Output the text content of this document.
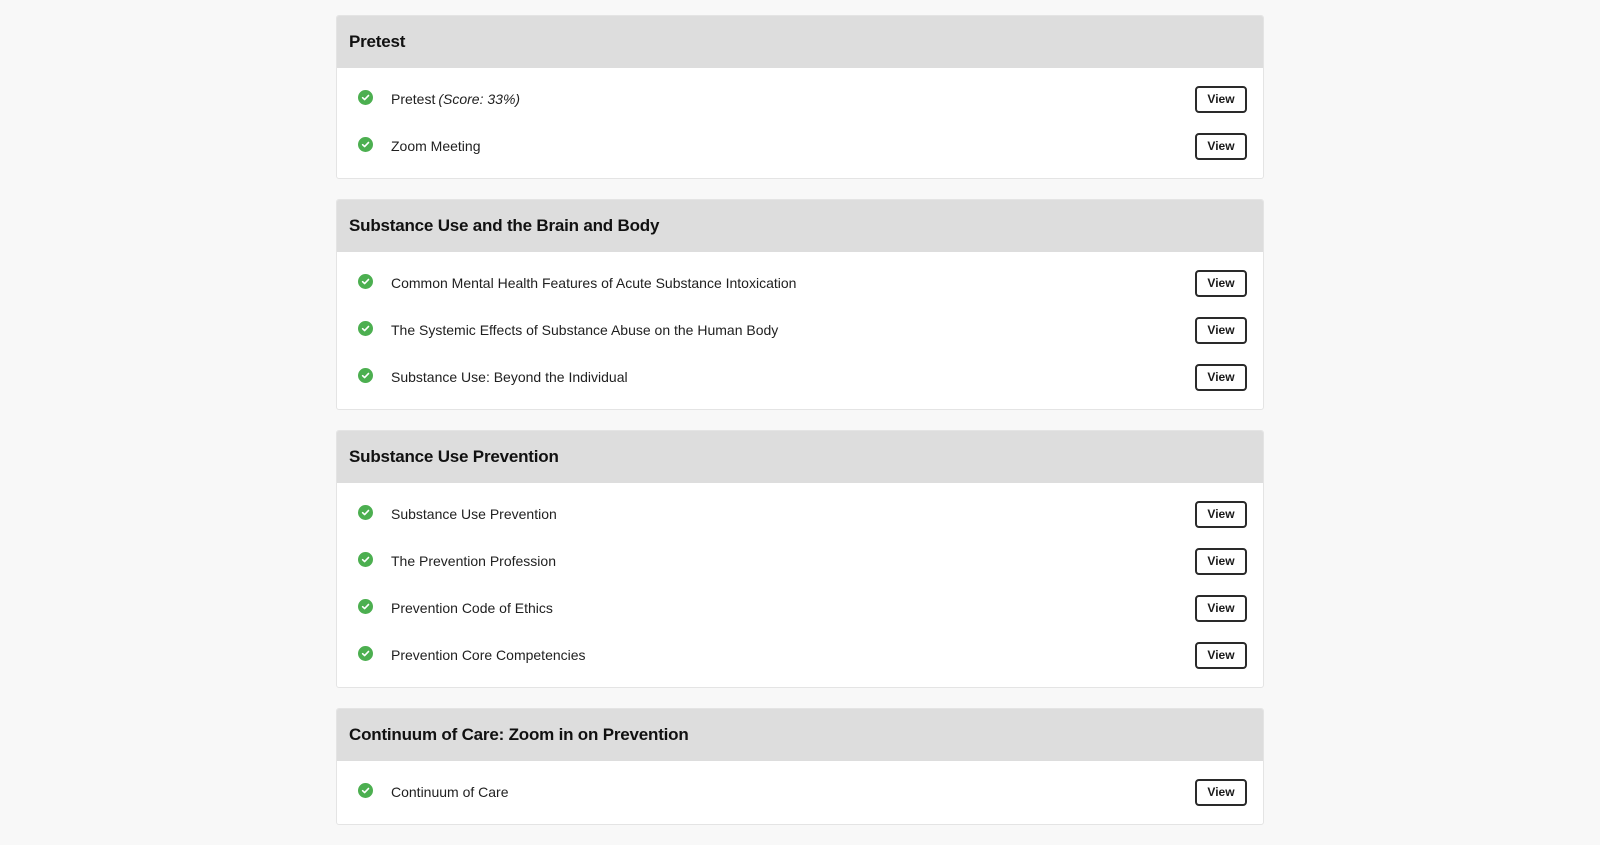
Pretest
Pretest (Score: 33%)	View
Zoom Meeting	View
Substance Use and the Brain and Body
Common Mental Health Features of Acute Substance Intoxication	View
The Systemic Effects of Substance Abuse on the Human Body	View
Substance Use: Beyond the Individual	View
Substance Use Prevention
Substance Use Prevention	View
The Prevention Profession	View
Prevention Code of Ethics	View
Prevention Core Competencies	View
Continuum of Care: Zoom in on Prevention
Continuum of Care	View
